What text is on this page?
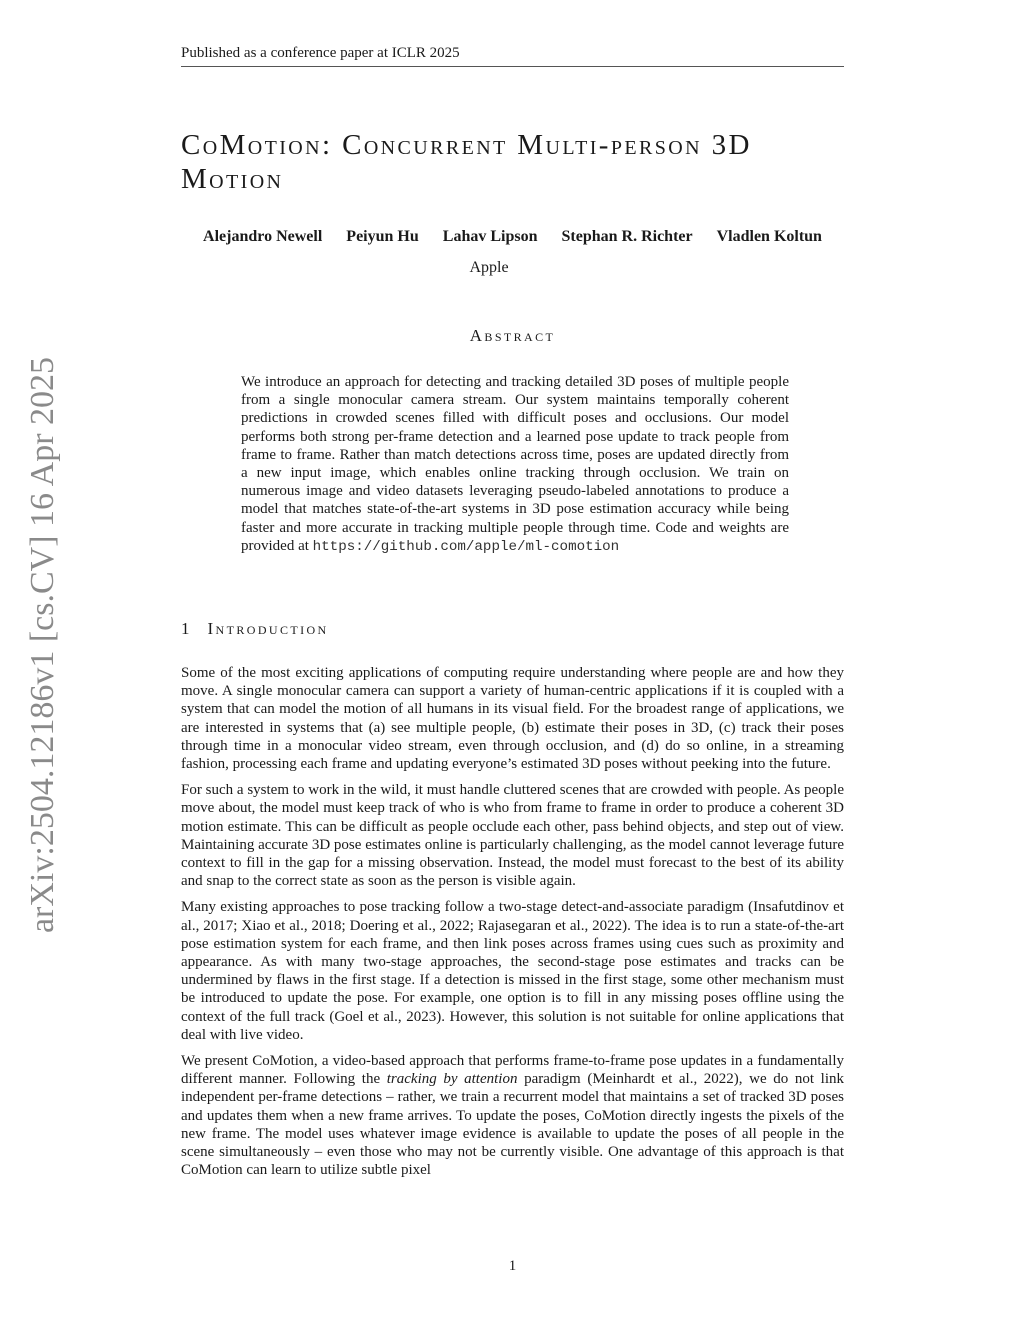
Published as a conference paper at ICLR 2025
arXiv:2504.12186v1 [cs.CV] 16 Apr 2025
CoMotion: Concurrent Multi-person 3D Motion
Alejandro Newell Peiyun Hu Lahav Lipson Stephan R. Richter Vladlen Koltun
Apple
Abstract

We introduce an approach for detecting and tracking detailed 3D poses of multiple people from a single monocular camera stream. Our system maintains temporally coherent predictions in crowded scenes filled with difficult poses and occlusions. Our model performs both strong per-frame detection and a learned pose update to track people from frame to frame. Rather than match detections across time, poses are updated directly from a new input image, which enables online tracking through occlusion. We train on numerous image and video datasets leveraging pseudo-labeled annotations to produce a model that matches state-of-the-art systems in 3D pose estimation accuracy while being faster and more accurate in tracking multiple people through time. Code and weights are provided at https://github.com/apple/ml-comotion

1 Introduction

Some of the most exciting applications of computing require understanding where people are and how they move. A single monocular camera can support a variety of human-centric applications if it is coupled with a system that can model the motion of all humans in its visual field. For the broadest range of applications, we are interested in systems that (a) see multiple people, (b) estimate their poses in 3D, (c) track their poses through time in a monocular video stream, even through occlusion, and (d) do so online, in a streaming fashion, processing each frame and updating everyone’s estimated 3D poses without peeking into the future.

For such a system to work in the wild, it must handle cluttered scenes that are crowded with people. As people move about, the model must keep track of who is who from frame to frame in order to produce a coherent 3D motion estimate. This can be difficult as people occlude each other, pass behind objects, and step out of view. Maintaining accurate 3D pose estimates online is particularly challenging, as the model cannot leverage future context to fill in the gap for a missing observation. Instead, the model must forecast to the best of its ability and snap to the correct state as soon as the person is visible again.

Many existing approaches to pose tracking follow a two-stage detect-and-associate paradigm (Insafutdinov et al., 2017; Xiao et al., 2018; Doering et al., 2022; Rajasegaran et al., 2022). The idea is to run a state-of-the-art pose estimation system for each frame, and then link poses across frames using cues such as proximity and appearance. As with many two-stage approaches, the second-stage pose estimates and tracks can be undermined by flaws in the first stage. If a detection is missed in the first stage, some other mechanism must be introduced to update the pose. For example, one option is to fill in any missing poses offline using the context of the full track (Goel et al., 2023). However, this solution is not suitable for online applications that deal with live video.

We present CoMotion, a video-based approach that performs frame-to-frame pose updates in a fundamentally different manner. Following the tracking by attention paradigm (Meinhardt et al., 2022), we do not link independent per-frame detections – rather, we train a recurrent model that maintains a set of tracked 3D poses and updates them when a new frame arrives. To update the poses, CoMotion directly ingests the pixels of the new frame. The model uses whatever image evidence is available to update the poses of all people in the scene simultaneously – even those who may not be currently visible. One advantage of this approach is that CoMotion can learn to utilize subtle pixel

1
